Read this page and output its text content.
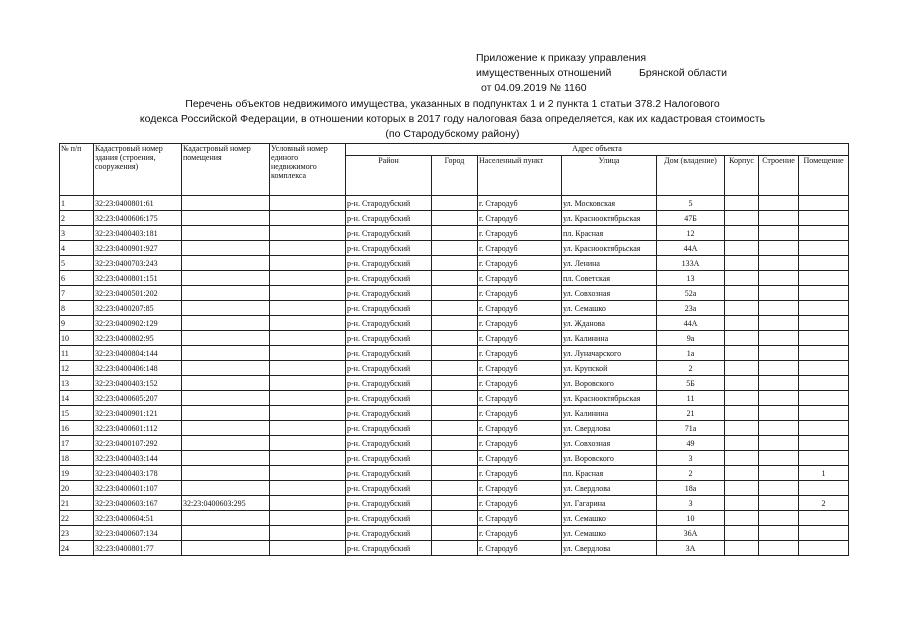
Приложение к приказу управления
имущественных отношений	Брянской области
от 04.09.2019 № 1160
Перечень объектов недвижимого имущества, указанных в подпунктах 1 и 2 пункта 1 статьи 378.2 Налогового
кодекса Российской Федерации, в отношении которых в 2017 году налоговая база определяется, как их кадастровая стоимость
(по Стародубскому району)
№ п/п	Кадастровый номер здания (строения, сооружения)	Кадастровый номер помещения	Условный номер единого недвижимого комплекса	Адрес объекта							
				Район	Город	Населенный пункт	Улица	Дом (владение)	Корпус	Строение	Помещение
1	32:23:0400801:61			р-н. Стародубский		г. Стародуб	ул. Московская	5			
2	32:23:0400606:175			р-н. Стародубский		г. Стародуб	ул. Краснооктябрьская	47Б			
3	32:23:0400403:181			р-н. Стародубский		г. Стародуб	пл. Красная	12			
4	32:23:0400901:927			р-н. Стародубский		г. Стародуб	ул. Краснооктябрьская	44А			
5	32:23:0400703:243			р-н. Стародубский		г. Стародуб	ул. Ленина	133А			
6	32:23:0400801:151			р-н. Стародубский		г. Стародуб	пл. Советская	13			
7	32:23:0400501:202			р-н. Стародубский		г. Стародуб	ул. Совхозная	52а			
8	32:23:0400207:85			р-н. Стародубский		г. Стародуб	ул. Семашко	23а			
9	32:23:0400902:129			р-н. Стародубский		г. Стародуб	ул. Жданова	44А			
10	32:23:0400802:95			р-н. Стародубский		г. Стародуб	ул. Калинина	9а			
11	32:23:0400804:144			р-н. Стародубский		г. Стародуб	ул. Луначарского	1а			
12	32:23:0400406:148			р-н. Стародубский		г. Стародуб	ул. Крупской	2			
13	32:23:0400403:152			р-н. Стародубский		г. Стародуб	ул. Воровского	5Б			
14	32:23:0400605:207			р-н. Стародубский		г. Стародуб	ул. Краснооктябрьская	11			
15	32:23:0400901:121			р-н. Стародубский		г. Стародуб	ул. Калинина	21			
16	32:23:0400601:112			р-н. Стародубский		г. Стародуб	ул. Свердлова	71а			
17	32:23:0400107:292			р-н. Стародубский		г. Стародуб	ул. Совхозная	49			
18	32:23:0400403:144			р-н. Стародубский		г. Стародуб	ул. Воровского	3			
19	32:23:0400403:178			р-н. Стародубский		г. Стародуб	пл. Красная	2			1
20	32:23:0400601:107			р-н. Стародубский		г. Стародуб	ул. Свердлова	18а			
21	32:23:0400603:167	32:23:0400603:295		р-н. Стародубский		г. Стародуб	ул. Гагарина	3			2
22	32:23:0400604:51			р-н. Стародубский		г. Стародуб	ул. Семашко	10			
23	32:23:0400607:134			р-н. Стародубский		г. Стародуб	ул. Семашко	36А			
24	32:23:0400801:77			р-н. Стародубский		г. Стародуб	ул. Свердлова	3А			
